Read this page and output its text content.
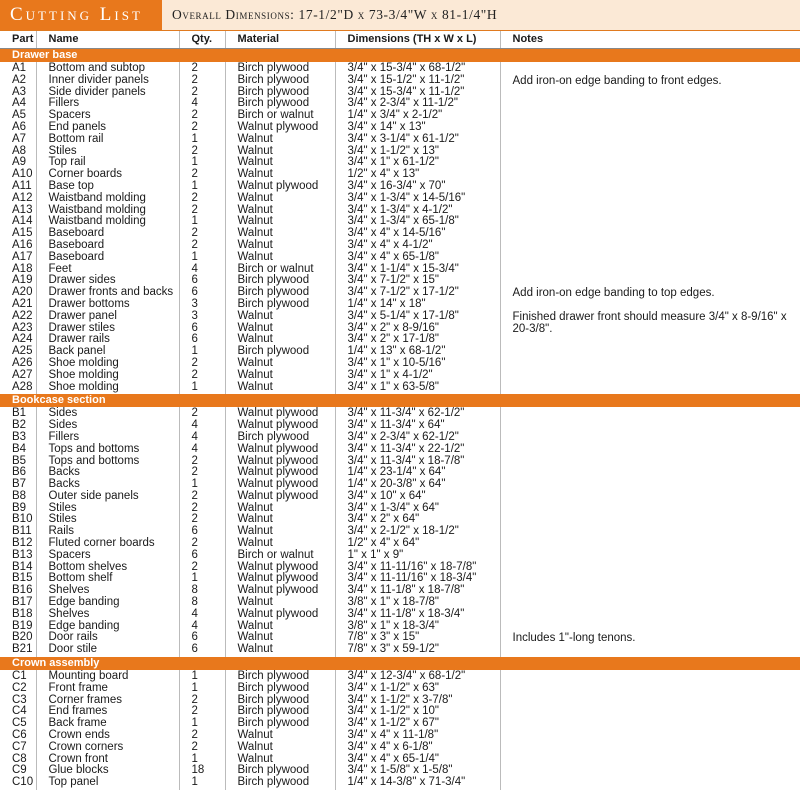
Cutting List	Overall Dimensions: 17-1/2"D x 73-3/4"W x 81-1/4"H
Part	Name	Qty.	Material	Dimensions (TH x W x L)	Notes
Drawer base					
A1	Bottom and subtop	2	Birch plywood	3/4" x 15-3/4" x 68-1/2"	
A2	Inner divider panels	2	Birch plywood	3/4" x 15-1/2" x 11-1/2"	Add iron-on edge banding to front edges.
A3	Side divider panels	2	Birch plywood	3/4" x 15-3/4" x 11-1/2"	
A4	Fillers	4	Birch plywood	3/4" x 2-3/4" x 11-1/2"	
A5	Spacers	2	Birch or walnut	1/4" x 3/4" x 2-1/2"	
A6	End panels	2	Walnut plywood	3/4" x 14" x 13"	
A7	Bottom rail	1	Walnut	3/4" x 3-1/4" x 61-1/2"	
A8	Stiles	2	Walnut	3/4" x 1-1/2" x 13"	
A9	Top rail	1	Walnut	3/4" x 1" x 61-1/2"	
A10	Corner boards	2	Walnut	1/2" x 4" x 13"	
A11	Base top	1	Walnut plywood	3/4" x 16-3/4" x 70"	
A12	Waistband molding	2	Walnut	3/4" x 1-3/4" x 14-5/16"	
A13	Waistband molding	2	Walnut	3/4" x 1-3/4" x 4-1/2"	
A14	Waistband molding	1	Walnut	3/4" x 1-3/4" x 65-1/8"	
A15	Baseboard	2	Walnut	3/4" x 4" x 14-5/16"	
A16	Baseboard	2	Walnut	3/4" x 4" x 4-1/2"	
A17	Baseboard	1	Walnut	3/4" x 4" x 65-1/8"	
A18	Feet	4	Birch or walnut	3/4" x 1-1/4" x 15-3/4"	
A19	Drawer sides	6	Birch plywood	3/4" x 7-1/2" x 15"	
A20	Drawer fronts and backs	6	Birch plywood	3/4" x 7-1/2" x 17-1/2"	Add iron-on edge banding to top edges.
A21	Drawer bottoms	3	Birch plywood	1/4" x 14" x 18"	
A22	Drawer panel	3	Walnut	3/4" x 5-1/4" x 17-1/8"	Finished drawer front should measure 3/4" x 8-9/16" x 20-3/8".
A23	Drawer stiles	6	Walnut	3/4" x 2" x 8-9/16"	
A24	Drawer rails	6	Walnut	3/4" x 2" x 17-1/8"	
A25	Back panel	1	Birch plywood	1/4" x 13" x 68-1/2"	
A26	Shoe molding	2	Walnut	3/4" x 1" x 10-5/16"	
A27	Shoe molding	2	Walnut	3/4" x 1" x 4-1/2"	
A28	Shoe molding	1	Walnut	3/4" x 1" x 63-5/8"	
Bookcase section					
B1	Sides	2	Walnut plywood	3/4" x 11-3/4" x 62-1/2"	
B2	Sides	4	Walnut plywood	3/4" x 11-3/4" x 64"	
B3	Fillers	4	Birch plywood	3/4" x 2-3/4" x 62-1/2"	
B4	Tops and bottoms	4	Walnut plywood	3/4" x 11-3/4" x 22-1/2"	
B5	Tops and bottoms	2	Walnut plywood	3/4" x 11-3/4" x 18-7/8"	
B6	Backs	2	Walnut plywood	1/4" x 23-1/4" x 64"	
B7	Backs	1	Walnut plywood	1/4" x 20-3/8" x 64"	
B8	Outer side panels	2	Walnut plywood	3/4" x 10" x 64"	
B9	Stiles	2	Walnut	3/4" x 1-3/4" x 64"	
B10	Stiles	2	Walnut	3/4" x 2" x 64"	
B11	Rails	6	Walnut	3/4" x 2-1/2" x 18-1/2"	
B12	Fluted corner boards	2	Walnut	1/2" x 4" x 64"	
B13	Spacers	6	Birch or walnut	1" x 1" x 9"	
B14	Bottom shelves	2	Walnut plywood	3/4" x 11-11/16" x 18-7/8"	
B15	Bottom shelf	1	Walnut plywood	3/4" x 11-11/16" x 18-3/4"	
B16	Shelves	8	Walnut plywood	3/4" x 11-1/8" x 18-7/8"	
B17	Edge banding	8	Walnut	3/8" x 1" x 18-7/8"	
B18	Shelves	4	Walnut plywood	3/4" x 11-1/8" x 18-3/4"	
B19	Edge banding	4	Walnut	3/8" x 1" x 18-3/4"	
B20	Door rails	6	Walnut	7/8" x 3" x 15"	Includes 1"-long tenons.
B21	Door stile	6	Walnut	7/8" x 3" x 59-1/2"	
Crown assembly					
C1	Mounting board	1	Birch plywood	3/4" x 12-3/4" x 68-1/2"	
C2	Front frame	1	Birch plywood	3/4" x 1-1/2" x 63"	
C3	Corner frames	2	Birch plywood	3/4" x 1-1/2" x 3-7/8"	
C4	End frames	2	Birch plywood	3/4" x 1-1/2" x 10"	
C5	Back frame	1	Birch plywood	3/4" x 1-1/2" x 67"	
C6	Crown ends	2	Walnut	3/4" x 4" x 11-1/8"	
C7	Crown corners	2	Walnut	3/4" x 4" x 6-1/8"	
C8	Crown front	1	Walnut	3/4" x 4" x 65-1/4"	
C9	Glue blocks	18	Birch plywood	3/4" x 1-5/8" x 1-5/8"	
C10	Top panel	1	Birch plywood	1/4" x 14-3/8" x 71-3/4"	
